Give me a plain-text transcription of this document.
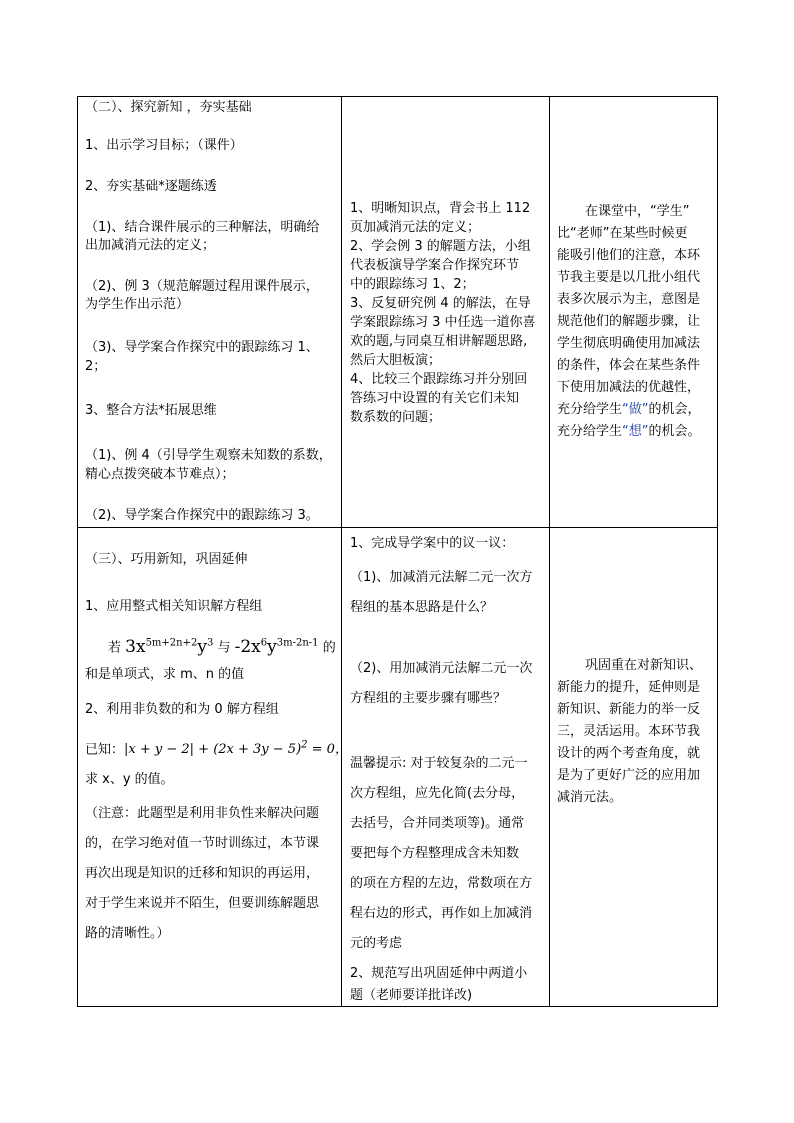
（二）、探究新知 ，夯实基础
1、出示学习目标；（课件）
2、夯实基础*逐题练透
（1)、结合课件展示的三种解法，明确给
出加减消元法的定义；
（2)、例 3（规范解题过程用课件展示，
为学生作出示范）
（3)、导学案合作探究中的跟踪练习 1、
2；
3、整合方法*拓展思维
（1)、例 4（引导学生观察未知数的系数，
精心点拨突破本节难点）；
（2)、导学案合作探究中的跟踪练习 3。
1、明晰知识点，背会书上 112
页加减消元法的定义；
2、学会例 3 的解题方法，小组
代表板演导学案合作探究环节
中的跟踪练习 1、2；
3、反复研究例 4 的解法，在导
学案跟踪练习 3 中任选一道你喜
欢的题,与同桌互相讲解题思路,
然后大胆板演；
4、比较三个跟踪练习并分别回
答练习中设置的有关它们未知
数系数的问题；
在课堂中，“学生”
比“老师”在某些时候更
能吸引他们的注意，本环
节我主要是以几批小组代
表多次展示为主，意图是
规范他们的解题步骤，让
学生彻底明确使用加减法
的条件，体会在某些条件
下使用加减法的优越性，
充分给学生“做”的机会，
充分给学生“想”的机会。
（三）、巧用新知，巩固延伸
1、应用整式相关知识解方程组
若 $3x^{5m+2n+2}y^3$ 与 $-2x^6y^{3m-2n-1}$ 的
和是单项式，求 m、n 的值
2、利用非负数的和为 0 解方程组
已知：$|x + y - 2| + (2x + 3y - 5)^2 = 0$，
求 x、y 的值。
（注意：此题型是利用非负性来解决问题
的，在学习绝对值一节时训练过，本节课
再次出现是知识的迁移和知识的再运用，
对于学生来说并不陌生，但要训练解题思
路的清晰性。）
1、完成导学案中的议一议：
（1)、加减消元法解二元一次方
程组的基本思路是什么？
（2)、用加减消元法解二元一次
方程组的主要步骤有哪些？
温馨提示: 对于较复杂的二元一
次方程组，应先化简(去分母，
去括号，合并同类项等)。通常
要把每个方程整理成含未知数
的项在方程的左边，常数项在方
程右边的形式，再作如上加减消
元的考虑
2、规范写出巩固延伸中两道小
题（老师要详批详改)
巩固重在对新知识、
新能力的提升，延伸则是
新知识、新能力的举一反
三，灵活运用。本环节我
设计的两个考查角度，就
是为了更好广泛的应用加
减消元法。
